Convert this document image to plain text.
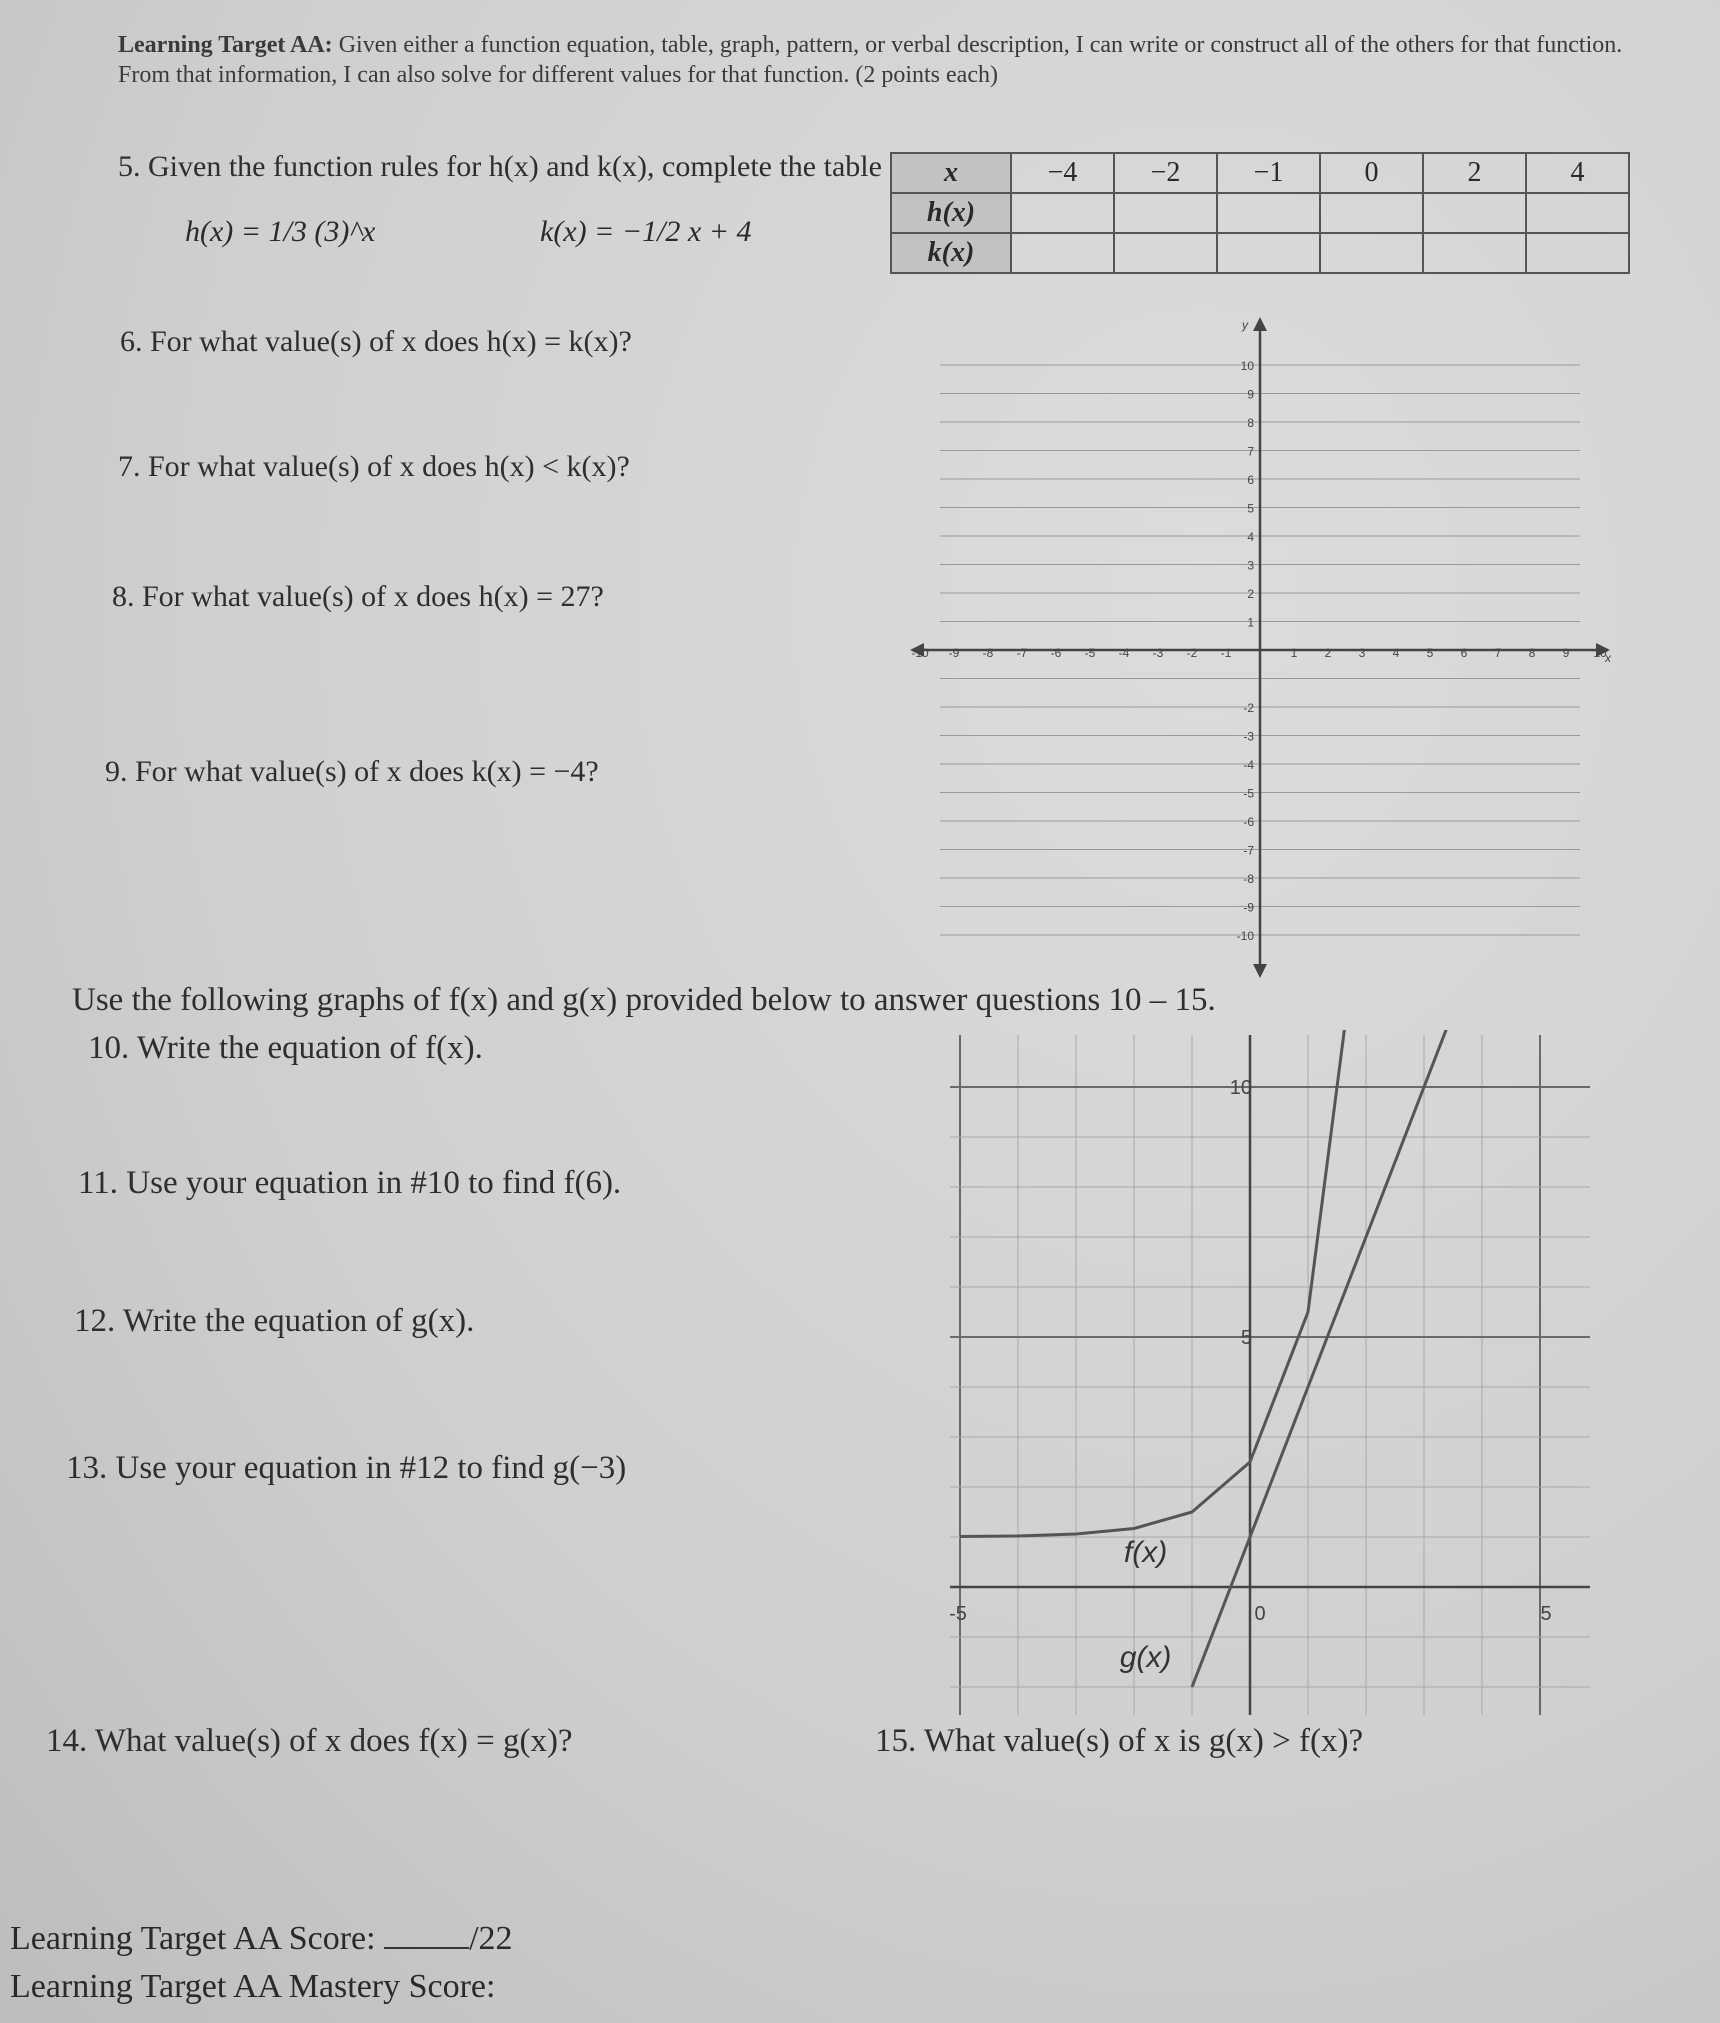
Learning Target AA: Given either a function equation, table, graph, pattern, or verbal description, I can write or construct all of the others for that function. From that information, I can also solve for different values for that function. (2 points each)
5. Given the function rules for h(x) and k(x), complete the table
h(x) = 1/3 (3)^x	k(x) = −1/2 x + 4
x	−4	−2	−1	0	2	4
h(x)						
k(x)						
6. For what value(s) of x does h(x) = k(x)?
7. For what value(s) of x does h(x) < k(x)?
8. For what value(s) of x does h(x) = 27?
9. For what value(s) of x does k(x) = −4?
x
y
-10 -9 -8 -7 -6 -5 -4 -3 -2 -1	1 2 3 4 5 6 7 8 9 10
10
9
8
7
6
5
4
3
2
1
-2
-3
-4
-5
-6
-7
-8
-9
-10
Use the following graphs of f(x) and g(x) provided below to answer questions 10 – 15.
10. Write the equation of f(x).
11. Use your equation in #10 to find f(6).
12. Write the equation of g(x).
13. Use your equation in #12 to find g(−3)
-5	0	5
10
5
f(x)
g(x)
14. What value(s) of x does f(x) = g(x)?	15. What value(s) of x is g(x) > f(x)?
Learning Target AA Score:	/22
Learning Target AA Mastery Score:
